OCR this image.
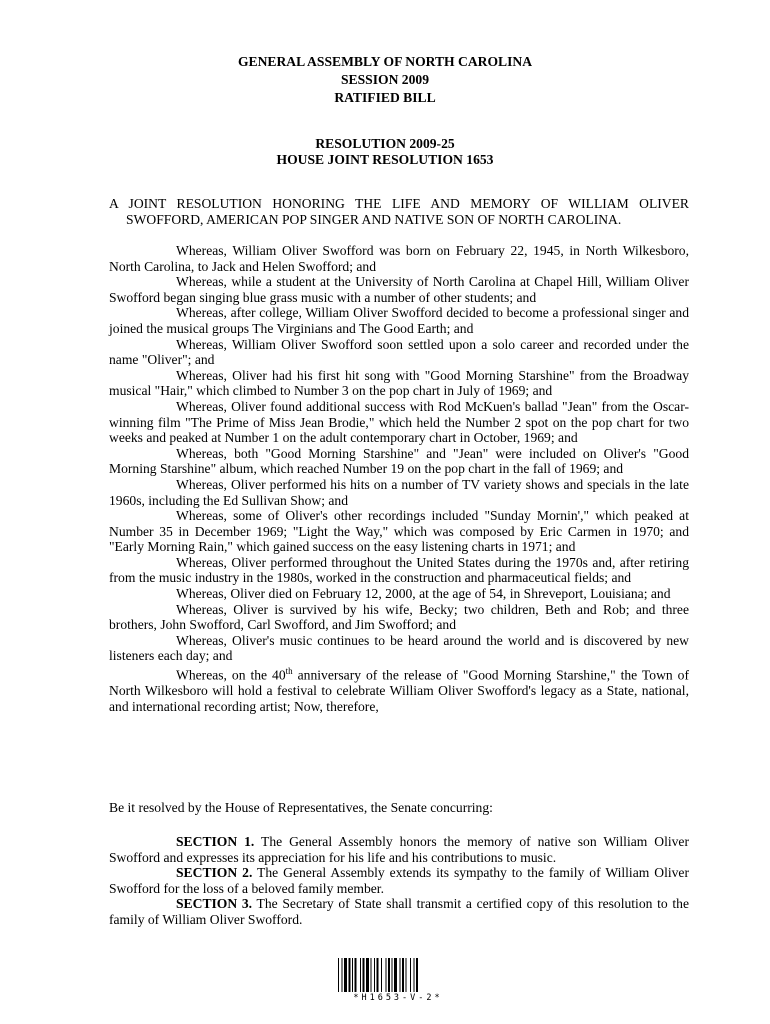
GENERAL ASSEMBLY OF NORTH CAROLINA
SESSION 2009
RATIFIED BILL
RESOLUTION 2009-25
HOUSE JOINT RESOLUTION 1653
A JOINT RESOLUTION HONORING THE LIFE AND MEMORY OF WILLIAM OLIVER SWOFFORD, AMERICAN POP SINGER AND NATIVE SON OF NORTH CAROLINA.

Whereas, William Oliver Swofford was born on February 22, 1945, in North Wilkesboro, North Carolina, to Jack and Helen Swofford; and

Whereas, while a student at the University of North Carolina at Chapel Hill, William Oliver Swofford began singing blue grass music with a number of other students; and

Whereas, after college, William Oliver Swofford decided to become a professional singer and joined the musical groups The Virginians and The Good Earth; and

Whereas, William Oliver Swofford soon settled upon a solo career and recorded under the name "Oliver"; and

Whereas, Oliver had his first hit song with "Good Morning Starshine" from the Broadway musical "Hair," which climbed to Number 3 on the pop chart in July of 1969; and

Whereas, Oliver found additional success with Rod McKuen's ballad "Jean" from the Oscar-winning film "The Prime of Miss Jean Brodie," which held the Number 2 spot on the pop chart for two weeks and peaked at Number 1 on the adult contemporary chart in October, 1969; and

Whereas, both "Good Morning Starshine" and "Jean" were included on Oliver's "Good Morning Starshine" album, which reached Number 19 on the pop chart in the fall of 1969; and

Whereas, Oliver performed his hits on a number of TV variety shows and specials in the late 1960s, including the Ed Sullivan Show; and

Whereas, some of Oliver's other recordings included "Sunday Mornin'," which peaked at Number 35 in December 1969; "Light the Way," which was composed by Eric Carmen in 1970; and "Early Morning Rain," which gained success on the easy listening charts in 1971; and

Whereas, Oliver performed throughout the United States during the 1970s and, after retiring from the music industry in the 1980s, worked in the construction and pharmaceutical fields; and

Whereas, Oliver died on February 12, 2000, at the age of 54, in Shreveport, Louisiana; and

Whereas, Oliver is survived by his wife, Becky; two children, Beth and Rob; and three brothers, John Swofford, Carl Swofford, and Jim Swofford; and

Whereas, Oliver's music continues to be heard around the world and is discovered by new listeners each day; and

Whereas, on the 40th anniversary of the release of "Good Morning Starshine," the Town of North Wilkesboro will hold a festival to celebrate William Oliver Swofford's legacy as a State, national, and international recording artist; Now, therefore,

Be it resolved by the House of Representatives, the Senate concurring:

SECTION 1. The General Assembly honors the memory of native son William Oliver Swofford and expresses its appreciation for his life and his contributions to music.

SECTION 2. The General Assembly extends its sympathy to the family of William Oliver Swofford for the loss of a beloved family member.

SECTION 3. The Secretary of State shall transmit a certified copy of this resolution to the family of William Oliver Swofford.

*H1653-V-2*
